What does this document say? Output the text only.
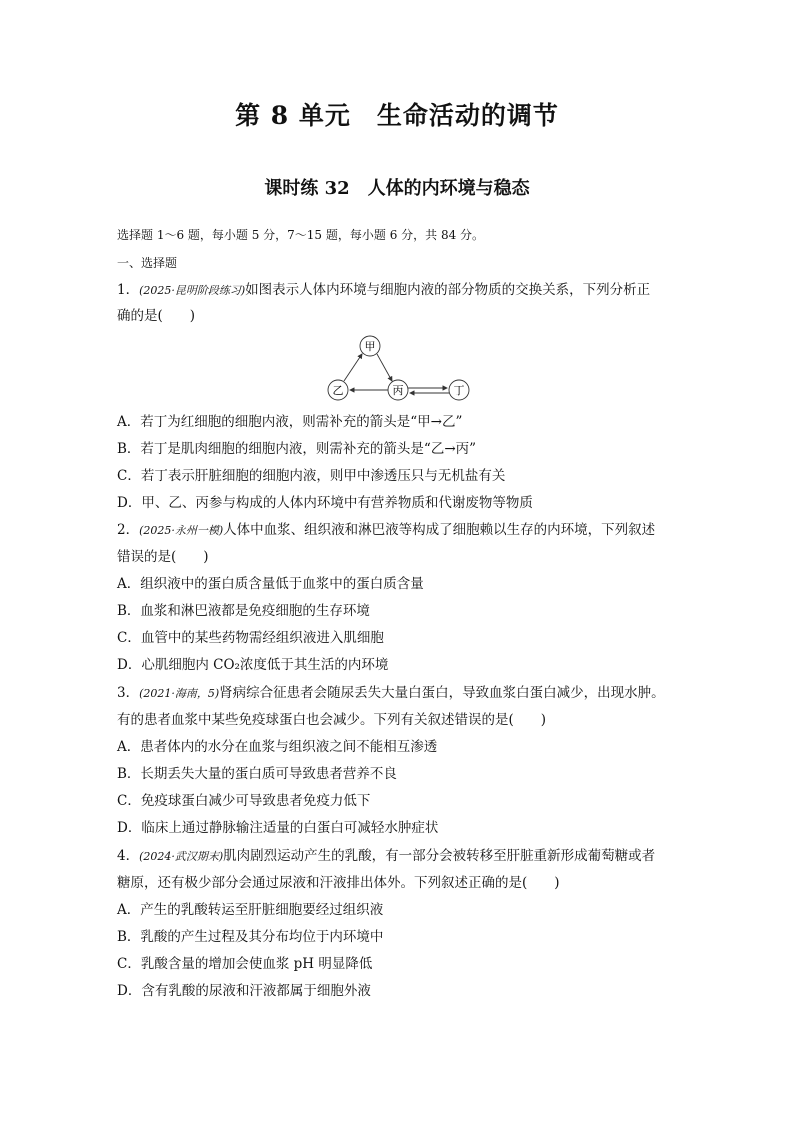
第 8 单元　生命活动的调节
课时练 32　人体的内环境与稳态
选择题 1～6 题，每小题 5 分，7～15 题，每小题 6 分，共 84 分。
一、选择题
1．(2025·昆明阶段练习)如图表示人体内环境与细胞内液的部分物质的交换关系，下列分析正
确的是(　　)
甲
乙	丙	丁
A．若丁为红细胞的细胞内液，则需补充的箭头是“甲→乙”
B．若丁是肌肉细胞的细胞内液，则需补充的箭头是“乙→丙”
C．若丁表示肝脏细胞的细胞内液，则甲中渗透压只与无机盐有关
D．甲、乙、丙参与构成的人体内环境中有营养物质和代谢废物等物质
2．(2025·永州一模)人体中血浆、组织液和淋巴液等构成了细胞赖以生存的内环境，下列叙述
错误的是(　　)
A．组织液中的蛋白质含量低于血浆中的蛋白质含量
B．血浆和淋巴液都是免疫细胞的生存环境
C．血管中的某些药物需经组织液进入肌细胞
D．心肌细胞内 CO₂浓度低于其生活的内环境
3．(2021·海南，5)肾病综合征患者会随尿丢失大量白蛋白，导致血浆白蛋白减少，出现水肿。
有的患者血浆中某些免疫球蛋白也会减少。下列有关叙述错误的是(　　)
A．患者体内的水分在血浆与组织液之间不能相互渗透
B．长期丢失大量的蛋白质可导致患者营养不良
C．免疫球蛋白减少可导致患者免疫力低下
D．临床上通过静脉输注适量的白蛋白可减轻水肿症状
4．(2024·武汉期末)肌肉剧烈运动产生的乳酸，有一部分会被转移至肝脏重新形成葡萄糖或者
糖原，还有极少部分会通过尿液和汗液排出体外。下列叙述正确的是(　　)
A．产生的乳酸转运至肝脏细胞要经过组织液
B．乳酸的产生过程及其分布均位于内环境中
C．乳酸含量的增加会使血浆 pH 明显降低
D．含有乳酸的尿液和汗液都属于细胞外液
